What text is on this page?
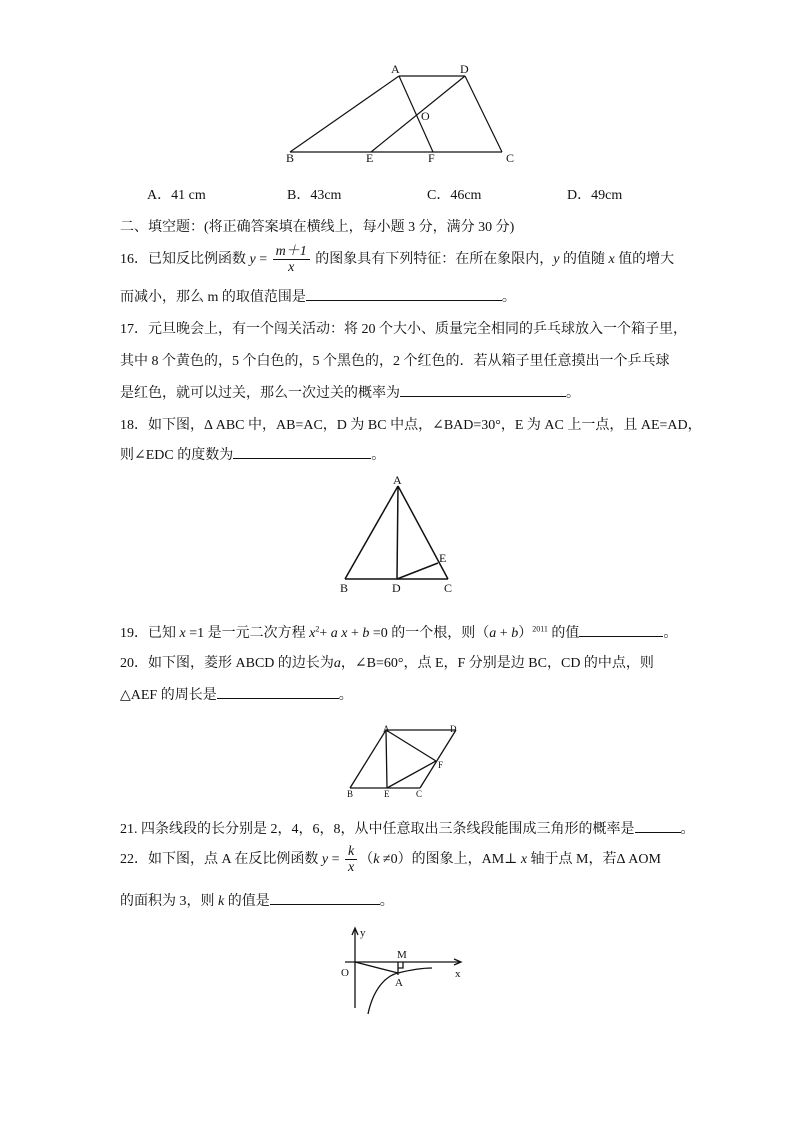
A	D
O
B	E	F	C
A．41 cm	B．43cm	C．46cm	D．49cm
二、填空题：(将正确答案填在横线上，每小题 3 分，满分 30 分)
16．已知反比例函数 $y = \frac{m+1}{x}$ 的图象具有下列特征：在所在象限内，y 的值随 x 值的增大
而减小，那么 m 的取值范围是	。
17．元旦晚会上，有一个闯关活动：将 20 个大小、质量完全相同的乒乓球放入一个箱子里，
其中 8 个黄色的，5 个白色的，5 个黑色的，2 个红色的．若从箱子里任意摸出一个乒乓球
是红色，就可以过关，那么一次过关的概率为	。
18．如下图，Δ ABC 中，AB=AC，D 为 BC 中点，∠BAD=30°，E 为 AC 上一点，且 AE=AD，
则∠EDC 的度数为	。
A
B	D	C
E
19．已知 x =1 是一元二次方程 $x^2+ a$ x + b =0 的一个根，则$(a + b)^{2011}$ 的值	。
20．如下图，菱形 ABCD 的边长为a，∠B=60°，点 E，F 分别是边 BC，CD 的中点，则
△AEF 的周长是	。
A	D
F
B	E	C
21. 四条线段的长分别是 2，4，6，8，从中任意取出三条线段能围成三角形的概率是	。
22．如下图，点 A 在反比例函数 $y = \frac{k}{x} (k \ne 0)$的图象上，AM⊥ x 轴于点 M，若Δ AOM
的面积为 3，则 k 的值是	。
y
x
O
M
A
